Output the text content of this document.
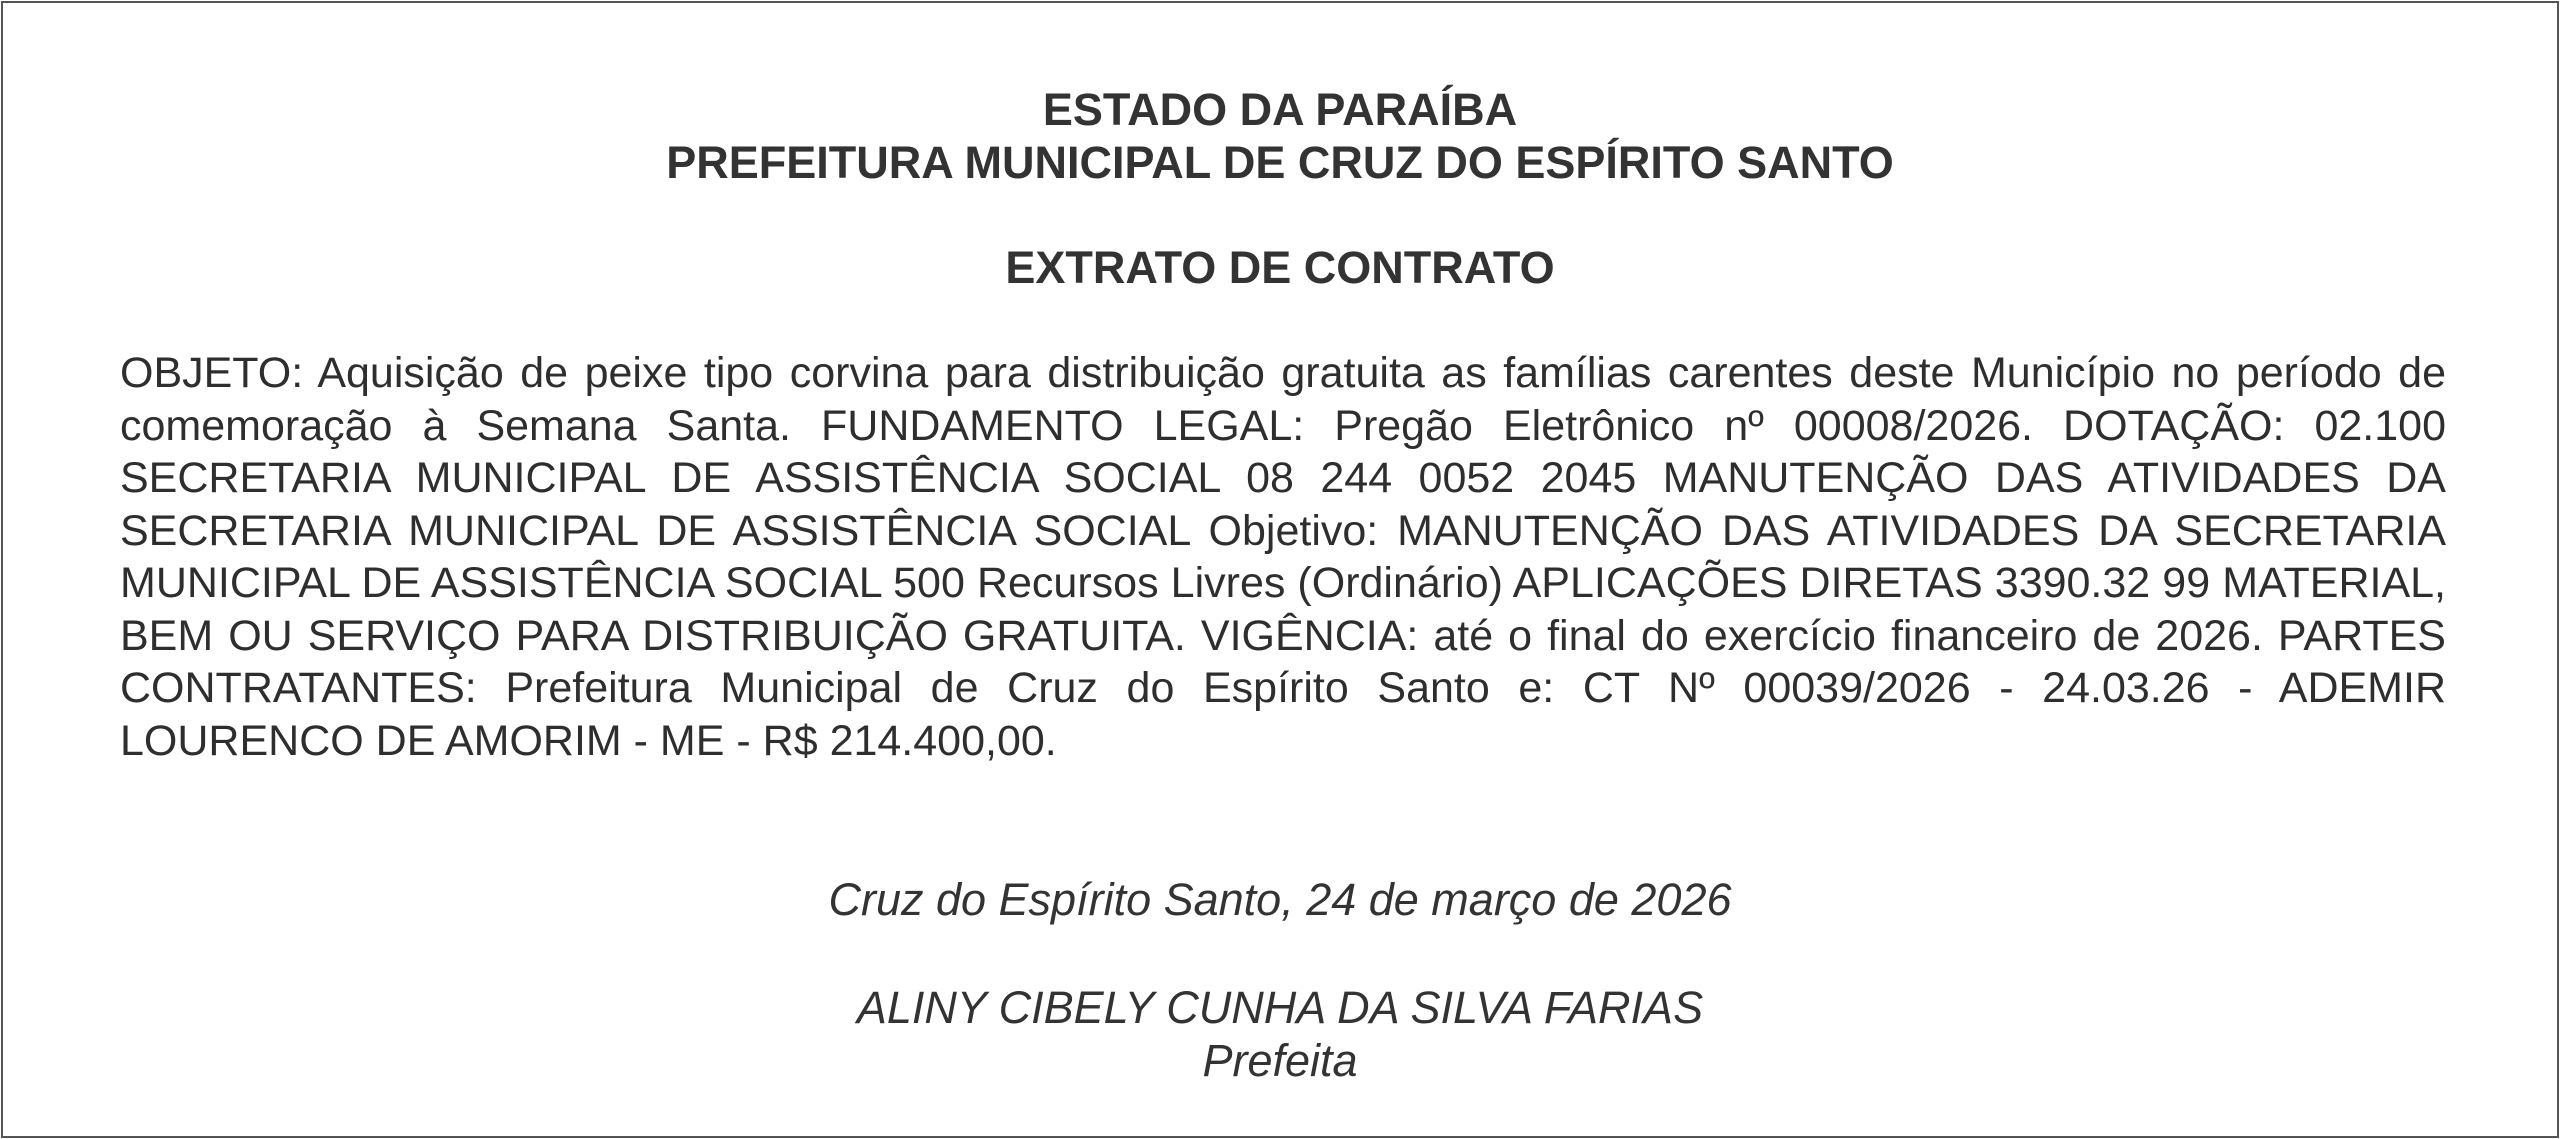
ESTADO DA PARAÍBA
PREFEITURA MUNICIPAL DE CRUZ DO ESPÍRITO SANTO
EXTRATO DE CONTRATO
OBJETO: Aquisição de peixe tipo corvina para distribuição gratuita as famílias carentes deste Município no período de comemoração à Semana Santa. FUNDAMENTO LEGAL: Pregão Eletrônico nº 00008/2026. DOTAÇÃO: 02.100 SECRETARIA MUNICIPAL DE ASSISTÊNCIA SOCIAL 08 244 0052 2045 MANUTENÇÃO DAS ATIVIDADES DA SECRETARIA MUNICIPAL DE ASSISTÊNCIA SOCIAL Objetivo: MANUTENÇÃO DAS ATIVIDADES DA SECRETARIA MUNICIPAL DE ASSISTÊNCIA SOCIAL 500 Recursos Livres (Ordinário) APLICAÇÕES DIRETAS 3390.32 99 MATERIAL, BEM OU SERVIÇO PARA DISTRIBUIÇÃO GRATUITA. VIGÊNCIA: até o final do exercício financeiro de 2026. PARTES CONTRATANTES: Prefeitura Municipal de Cruz do Espírito Santo e: CT Nº 00039/2026 - 24.03.26 - ADEMIR LOURENCO DE AMORIM - ME - R$ 214.400,00.
Cruz do Espírito Santo, 24 de março de 2026
ALINY CIBELY CUNHA DA SILVA FARIAS
Prefeita
